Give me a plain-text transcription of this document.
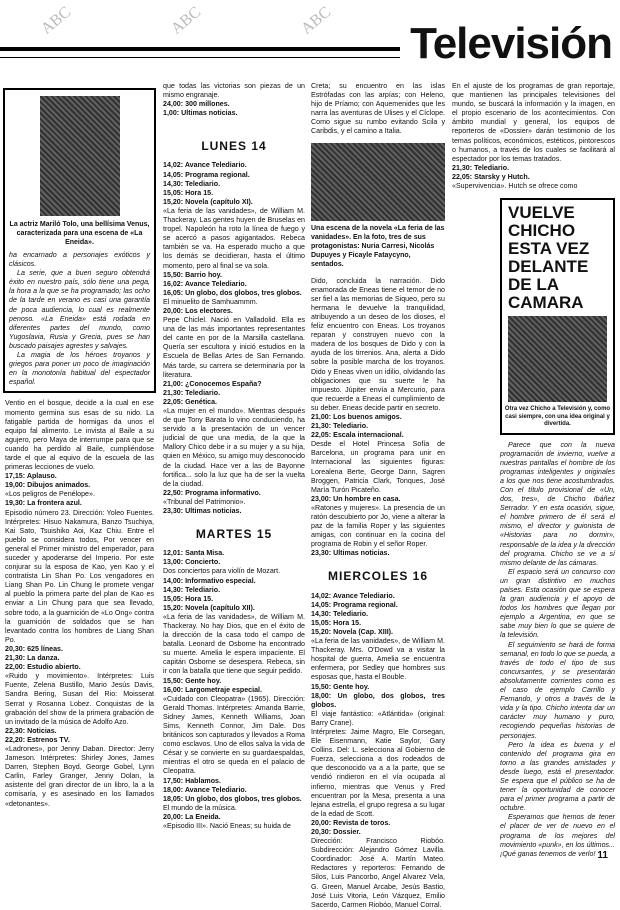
Televisión
ABC	ABC	ABC
La actriz Mariló Tolo, una bellísima Venus, caracterizada para una escena de «La Eneida».

ha encarnado a personajes exóticos y clásicos.

La serie, que a buen seguro obtendrá éxito en nuestro país, sólo tiene una pega, la hora a la que se ha programado; las ocho de la tarde en verano es casi una garantía de poca audiencia, lo cual es realmente penoso. «La Eneida» está rodada en diferentes partes del mundo, como Yugoslavia, Rusia y Grecia, pues se han buscado paisajes agrestes y salvajes.

La magia de los héroes troyanos y griegos para poner un poco de imaginación en la monotonía habitual del espectador español.

Ventio en el bosque, decide a la cual en ese momento germina sus esas de su nido. La fatigable partida de hormigas da unos el equipo fal alimento. Le invista al Baile a su agujero, pero Maya de interrumpe para que se cuando ha perdido al Baile, cumpliéndose tarde el que al equivo de la escuela de las primeras lecciones de vuelo.

17,15: Aplauso.

19,00: Dibujos animados.

«Los peligros de Penélope».

19,30: La frontera azul.

Episodio número 23. Dirección: Yoleo Fuentes. Intérpretes: Hisuo Nakamura, Banzo Tsuchiya, Kai Sato, Tsuishiko Aoi, Kaz Chiu. Entre el pueblo se considera todos, Por vencer en general el Primer ministro del emperador, para suceder y apoderarse del Imperio. Por este conjurar su la esposa de Kao, yen Kao y el contratista Lin Shan Po. Los vengadores en Liang Shan Po. Lin Chung le promete vengar al pueblo la primera parte del plan de Kao es enviar a Lin Chung para que sea llevado, sobre todo, a la guarnición de «Lo Ong» contra la guarnición de soldados que se han levantado contra los hombres de Liang Shan Po.

20,30: 625 líneas.

21,30: La danza.

22,00: Estudio abierto.

«Ruido y movimiento». Intérpretes: Luis Fuente, Zelena Bustillo, Mario Jesús Davis, Sandra Bering, Susan del Rio: Moisserat Serrat y Rosanna Lobez. Conquistas de la grabación del show de la primera grabación de un invitado de la música de Adolfo Azo.

22,30: Noticias.

22,20: Estrenos TV.

«Ladrones», por Jenny Daban. Director: Jerry Jameson. Intérpretes: Shirley Jones, James Darren, Stephen Boyd. George Gobel, Lynn Carlin, Farley Granger, Jenny Dolan, la asistente del gran director de un libro, la a la comisaría, y es asesinado en los llamados «detonantes».

que todas las victorias son piezas de un mismo engranaje.

24,00: 300 millones.

1,00: Ultimas noticias.

LUNES 14

14,02: Avance Telediario.

14,05: Programa regional.

14,30: Telediario.

15,05: Hora 15.

15,20: Novela (capítulo XI).

«La feria de las vanidades», de William M. Thackeray. Las gentes huyen de Bruselas en tropel. Napoleón ha roto la línea de fuego y se acercó a pasos agigantados. Rebeca también se va. Ha esperado mucho a que los demás se decidieran, hasta el último momento, pero al final se va sola.

15,50: Barrio hoy.

16,02: Avance Telediario.

16,05: Un globo, dos globos, tres globos.

El minuelito de Samhuammm.

20,00: Los electores.

Pepe Chiclel. Nació en Valladolid. Ella es una de las más importantes representantes del cante en por de la Marsilla castellana. Quería ser escultora y inició estudios en la Escuela de Bellas Artes de San Fernando. Más tarde, su carrera se determinaría por la literatura.

21,00: ¿Conocemos España?

21,30: Telediario.

22,05: Genética.

«La mujer en el mundo». Mientras después de que Tony Barata lo vino conduciendo, ha servido a la presentación de un vencer judicial de que una media, de la que la Mallory Chico debe ir a su mujer y a su hija, quien en México, su amigo muy desconocido de la ciudad. Hace ver a las de Bayonne fortifica... solo la luz que ha de ser la vuelta de la ciudad.

22,50: Programa informativo.

«Tribunal del Patrimonio».

23,30: Ultimas noticias.

MARTES 15

12,01: Santa Misa.

13,00: Concierto.

Dos conciertos para violín de Mozart.

14,00: Informativo especial.

14,30: Telediario.

15,05: Hora 15.

15,20: Novela (capítulo XII).

«La feria de las vanidades», de William M. Thackeray. No hay Dios, que en el éxito de la dirección de la casa todo el campo de batalla. Leonard de Osborne ha encontrado su muerte. Amelia le espera impaciente. El capitán Osborne se desespera. Rebeca, sin ir con la batalla que tiene que seguir pedido.

15,50: Gente hoy.

16,00: Largometraje especial.

«Cuidado con Cleopatra» (1965). Dirección: Gerald Thomas. Intérpretes: Amanda Barrie, Sidney James, Kenneth Williams, Joan Sims, Kenneth Connor, Jim Dale. Dos británicos son capturados y llevados a Roma como esclavos. Uno de ellos salva la vida de César y se convierte en su guardaespaldas, mientras el otro se queda en el palacio de Cleopatra.

17,50: Hablamos.

18,00: Avance Telediario.

18,05: Un globo, dos globos, tres globos.

El mundo de la música.

20,00: La Eneida.

«Episodio III». Nació Eneas; su huida de

Creta; su encuentro en las islas Estrófadas con las arpías; con Heleno, hijo de Príamo; con Aquemenides que les narra las aventuras de Ulises y el Cíclope. Como sigue su rumbo evitando Scila y Caribdis, y el camino a Italia.

Una escena de la novela «La feria de las vanidades». En la foto, tres de sus protagonistas: Nuria Carresi, Nicolás Dupuyes y Ficayle Fataycyno, sentados.

Dido, concluida la narración. Dido enamorada de Eneas tiene el temor de no ser fiel a las memorias de Siqueo, pero su hermana le devuelve la tranquilidad, atribuyendo a un deseo de los dioses, el feliz encuentro con Eneas. Los troyanos reparan y construyen nuevo con la madera de los bosques de Dido y con la ayuda de los tirrenios. Ana, alerta a Dido sobre la posible marcha de los troyanos. Dido y Eneas viven un idilio, olvidando las obligaciones que su suerte le ha impuesto. Júpiter envía a Mercurio, para que recuerde a Eneas el cumplimiento de su deber. Eneas decide partir en secreto.

21,00: Los buenos amigos.

21,30: Telediario.

22,05: Escala internacional.

Desde el Hotel Princesa Sofía de Barcelona, un programa para unir en Internacional las siguientes figuras: Lorealena Berte, George Dann, Sagren Broggen, Patricia Clark, Tonques, José María Turón Picateño.

23,00: Un hombre en casa.

«Ratones y mujeres». La presencia de un ratón descubierto por Jo, viene a alterar la paz de la familia Roper y las siguientes amigas, con continuar en la cocina del programa de Robin y el señor Roper.

23,30: Ultimas noticias.

MIERCOLES 16

14,02: Avance Telediario.

14,05: Programa regional.

14,30: Telediario.

15,05: Hora 15.

15,20: Novela (Cap. XIII).

«La feria de las vanidades», de William M. Thackeray. Mrs. O'Dowd va a visitar la hospital de guerra, Amelia se encuentra enfermera, por Sedley que hombres sus esposas que, hasta el Bouble.

15,50: Gente hoy.

18,00: Un globo, dos globos, tres globos.

El viaje fantástico: «Atlántida» (original: Barry Crane).

Intérpretes: Jaime Magro, Ele Corsegan, Ele Eisenmann, Katie Saylor, Gary Collins. Del: L. selecciona al Gobierno de Fuerza, selecciona a dos rodeados de que desconocido va a a la parte, que se vendió rindieron en el vía ocupada al infierno, mientras que Venus y Fred encuentran por la Mesa, presenta a una lejana estrella, el grupo regresa a su lugar de la edad de Scott.

20,00: Revista de toros.

20,30: Dossier.

Dirección: Francisco Riobóo. Subdirección: Alejandro Gómez Lavilla. Coordinador: José A. Martín Mateo. Redactores y reporteros: Fernando de Silos, Luis Pancorbo, Angel Alvarez Vela, G. Green, Manuel Arcabe, Jesús Bastio, José Luis Vitoria, León Vázquez, Emilio Sacerdo, Carmen Riobóo, Manuel Corral.

En el ajuste de los programas de gran reportaje, que mantienen las principales televisiones del mundo, se buscará la información y la imagen, en el propio escenario de los acontecimientos. Con ámbito mundial y general, los equipos de reporteros de «Dossier» darán testimonio de los temas políticos, económicos, estéticos, pintorescos o humanos, a través de los cuales se facilitará al espectador por los temas tratados.

21,30: Telediario.

22,05: Starsky y Hutch.

«Supervivencia». Hutch se ofrece como

VUELVE CHICHO
ESTA VEZ
DELANTE
DE LA CAMARA
Otra vez Chicho a Televisión y, como casi siempre, con una idea original y divertida.

Parece que con la nueva programación de invierno, vuelve a nuestras pantallas el hombre de los programas inteligentes y originales a los que nos tiene acostumbrados. Con el título provisional de «Un, dos, tres», de Chicho Ibáñez Serrador. Y en esta ocasión, sigue, el hombre primero de él será el mismo, el director y guionista de «Historias para no dormir», responsable de la idea y la dirección del programa. Chicho se ve a sí mismo delante de las cámaras.

El espacio será un concurso con un gran distintivo en muchos países. Esta ocasión que se espera la gran audiencia y el apoyo de todos los hombres que llegan por ejemplo a Argentina, en que se sabe muy bien lo que se quiere de la televisión.

El seguimiento se hará de forma semanal, en todo lo que se pueda, a través de todo el tipo de sus concursantes, y se presentarán absolutamente corrientes como es el caso de ejemplo Carrillo y Fernando, y otros a través de la vida y la tipo. Chicho intenta dar un carácter muy humano y puro, recogiendo pequeñas historias de personajes.

Pero la idea es buena y el contenido del programa gira en torno a las grandes amistades y desde luego, está el presentador. Se espera que el público se ha de tener la oportunidad de conocer para el primer programa a partir de octubre.

Esperamos que hemos de tener el placer de ver de nuevo en el programa de los mejores del movimiento «punk», en los últimos... ¡Qué ganas tenemos de verlo! 11
